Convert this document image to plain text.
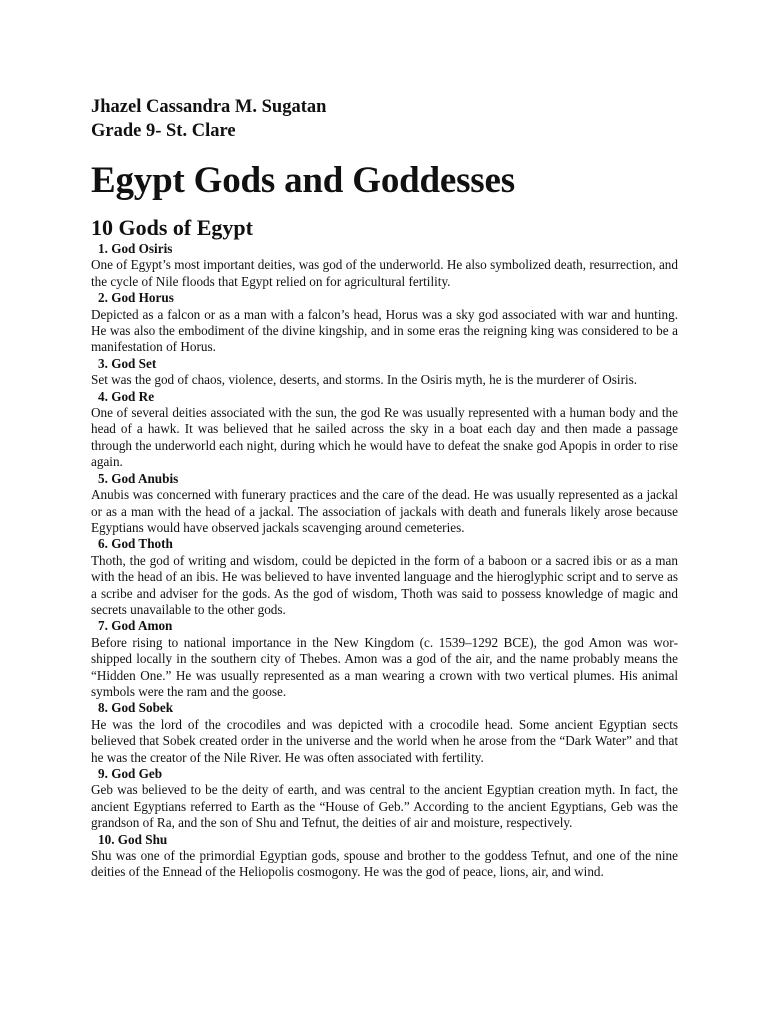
Jhazel Cassandra M. Sugatan

Grade 9- St. Clare

Egypt Gods and Goddesses
10 Gods of Egypt
1. God Osiris

One of Egypt’s most important deities, was god of the underworld. He also symbolized death, resurrection, and the cycle of Nile floods that Egypt relied on for agricultural fertility.

2. God Horus

Depicted as a falcon or as a man with a falcon’s head, Horus was a sky god associated with war and hunting. He was also the embodiment of the divine kingship, and in some eras the reigning king was considered to be a manifestation of Horus.

3. God Set

Set was the god of chaos, violence, deserts, and storms. In the Osiris myth, he is the murderer of Osiris.

4. God Re

One of several deities associated with the sun, the god Re was usually represented with a human body and the head of a hawk. It was believed that he sailed across the sky in a boat each day and then made a passage through the underworld each night, during which he would have to defeat the snake god Apopis in order to rise again.

5. God Anubis

Anubis was concerned with funerary practices and the care of the dead. He was usually represented as a jackal or as a man with the head of a jackal. The association of jackals with death and funerals likely arose because Egyptians would have observed jackals scavenging around cemeteries.

6. God Thoth

Thoth, the god of writing and wisdom, could be depicted in the form of a baboon or a sacred ibis or as a man with the head of an ibis. He was believed to have invented language and the hieroglyphic script and to serve as a scribe and adviser for the gods. As the god of wisdom, Thoth was said to possess knowledge of magic and secrets unavailable to the other gods.

7. God Amon

Before rising to national importance in the New Kingdom (c. 1539–1292 BCE), the god Amon was worshipped locally in the southern city of Thebes. Amon was a god of the air, and the name probably means the “Hidden One.” He was usually represented as a man wearing a crown with two vertical plumes. His animal symbols were the ram and the goose.

8. God Sobek

He was the lord of the crocodiles and was depicted with a crocodile head. Some ancient Egyptian sects believed that Sobek created order in the universe and the world when he arose from the “Dark Water” and that he was the creator of the Nile River. He was often associated with fertility.

9. God Geb

Geb was believed to be the deity of earth, and was central to the ancient Egyptian creation myth. In fact, the ancient Egyptians referred to Earth as the “House of Geb.” According to the ancient Egyptians, Geb was the grandson of Ra, and the son of Shu and Tefnut, the deities of air and moisture, respectively.

10. God Shu

Shu was one of the primordial Egyptian gods, spouse and brother to the goddess Tefnut, and one of the nine deities of the Ennead of the Heliopolis cosmogony. He was the god of peace, lions, air, and wind.
